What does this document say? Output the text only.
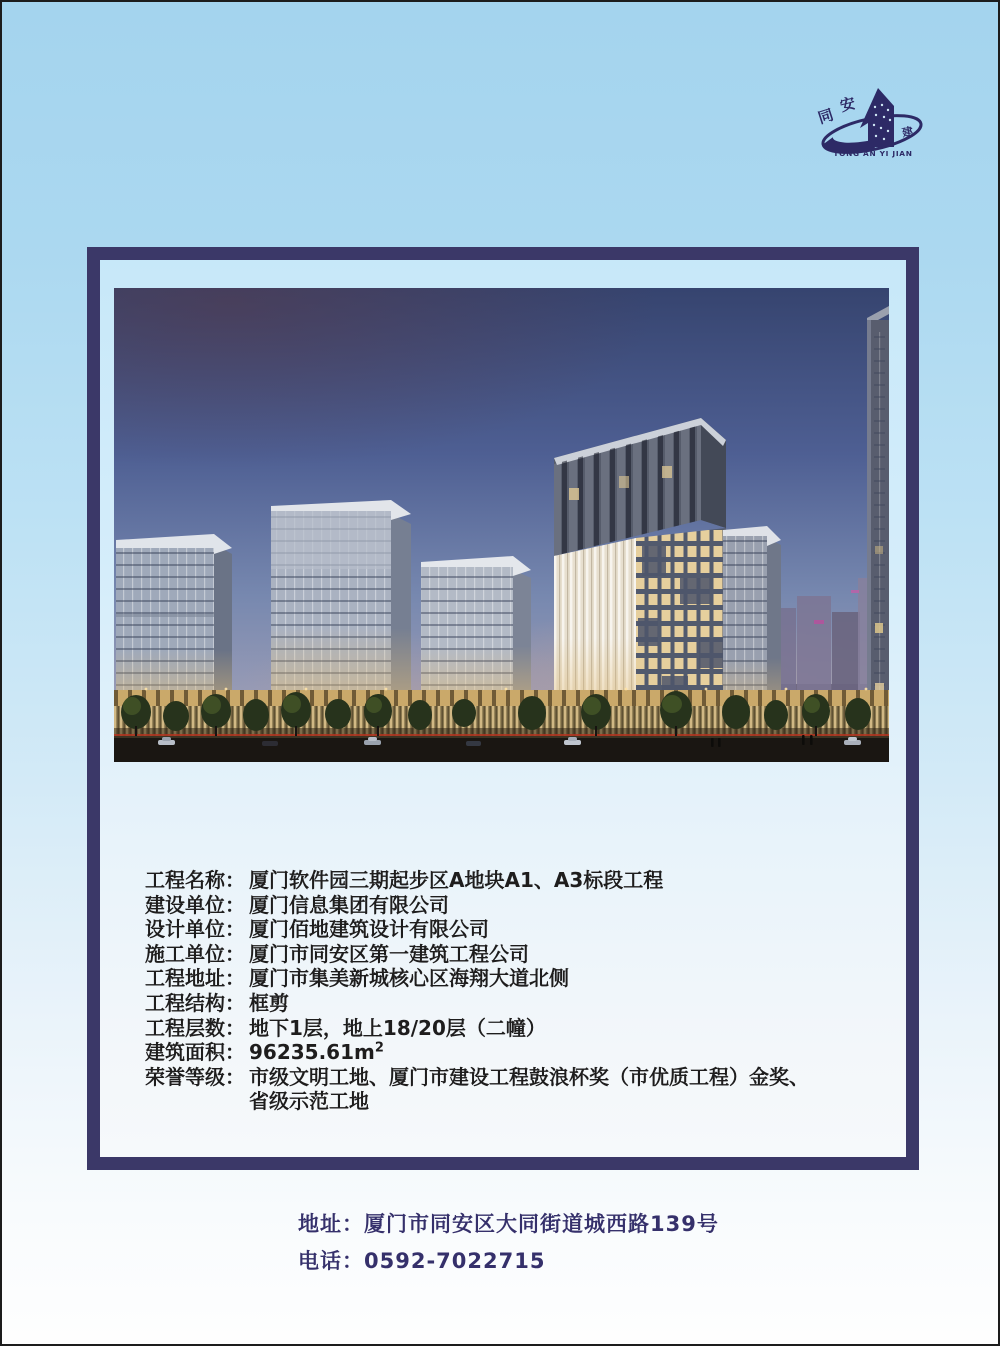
同
安
建
TONG AN YI JIAN
工程名称： 厦门软件园三期起步区A地块A1、A3标段工程
建设单位： 厦门信息集团有限公司
设计单位： 厦门佰地建筑设计有限公司
施工单位： 厦门市同安区第一建筑工程公司
工程地址： 厦门市集美新城核心区海翔大道北侧
工程结构： 框剪
工程层数： 地下1层，地上18/20层（二幢）
建筑面积： $96235.61m^2$
荣誉等级： 市级文明工地、厦门市建设工程鼓浪杯奖（市优质工程）金奖、
省级示范工地
地址：厦门市同安区大同街道城西路139号
电话：0592-7022715
